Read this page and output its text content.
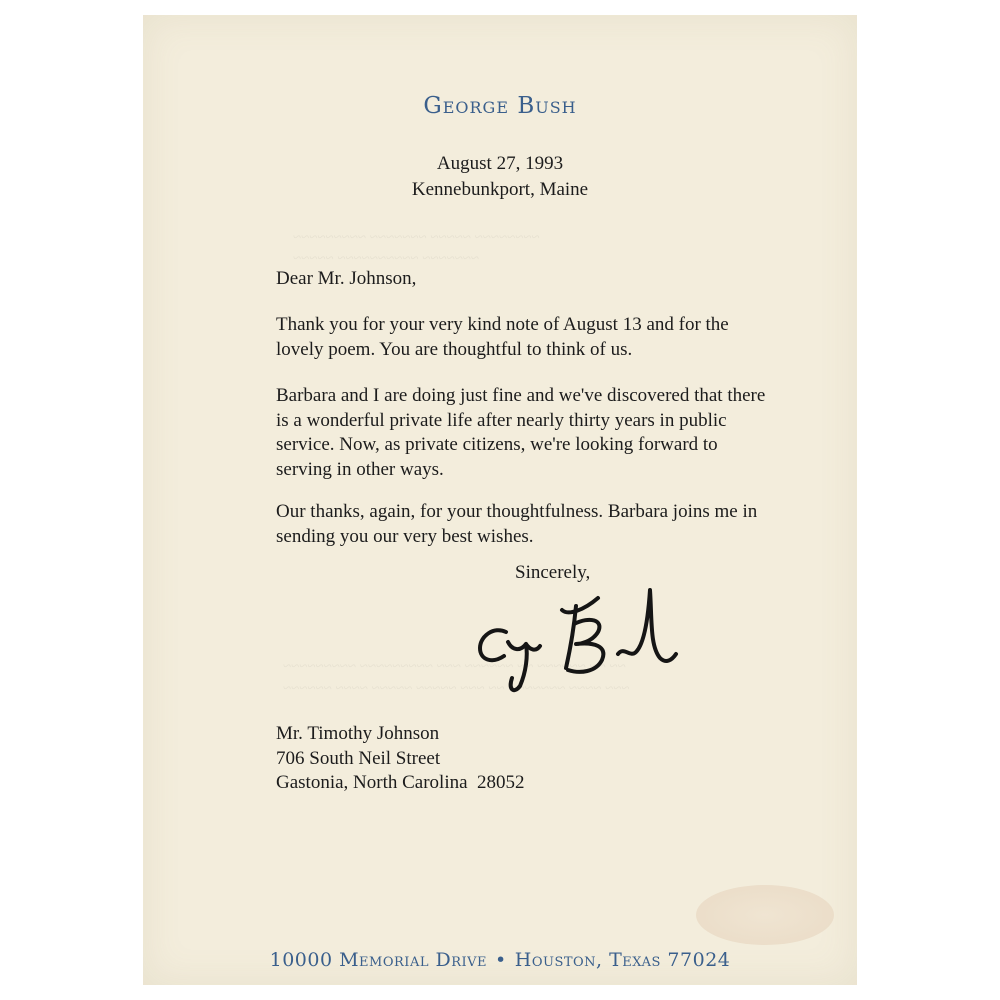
~~~~~~~~ ~~~~~ ~~~~~~~ ~~~~~~~~~
~~~~~~~ ~~~~~~~~~~ ~~~~~
~~ ~~ ~~~~~~ ~~ ~~~~~~ ~~~ ~~~~~~~~~ ~~~~~~~~~
~~~ ~~~~ ~~~~~~~ ~~ ~~~ ~~~~~ ~~~~~ ~~~~ ~~~~~~
George Bush
August 27, 1993
Kennebunkport, Maine

Dear Mr. Johnson,

Thank you for your very kind note of August 13 and for the lovely poem. You are thoughtful to think of us.

Barbara and I are doing just fine and we've discovered that there is a wonderful private life after nearly thirty years in public service. Now, as private citizens, we're looking forward to serving in other ways.

Our thanks, again, for your thoughtfulness. Barbara joins me in sending you our very best wishes.

Sincerely,
Mr. Timothy Johnson
706 South Neil Street
Gastonia, North Carolina  28052
10000 Memorial Drive • Houston, Texas 77024
